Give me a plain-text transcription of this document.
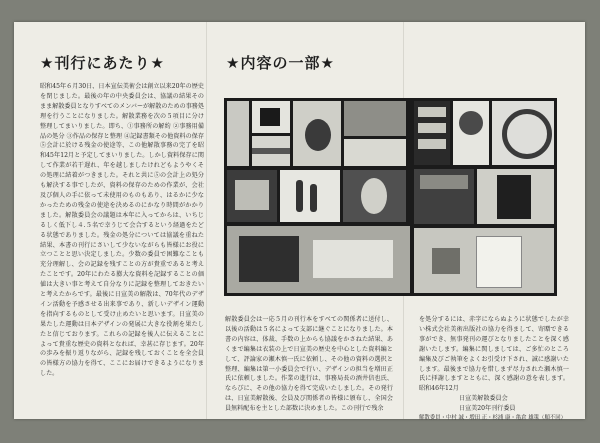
★刊行にあたり★
昭和45年６月30日、日本宣伝美術会は創立以来20年の歴史を閉じました。最後の年の中央委員会は、協議の結果そのまま解散委員となりすべてのメンバーが解散のための事務処理を行うことになりました。解散業務を次の５項目に分け整理してまいりました。即ち、①事務所の解約 ②事務用備品の処分 ③作品の保存と整理 ④記録書類その他資料の保存 ⑤会計に於ける残金の使途等、この他解散事務の完了を昭和45年12月と予定してまいりました。しかし資料保存に関して作業が若干遅れ、年を越しましたけれどもようやくその処理に結着がつきました。それと共に⑤の会計上の処分も解決する事でしたが、資料の保存のための作業が、会社及び個人の手に依って未使用のものもあり、はるかに少なかったための残金の使途を決めるのにかなり時間がかかりました。解散委員会の議題は本年に入ってからは、いちじるしく低下し４.５名で幸うじて会合するという経過をたどる状態でありました。残金の処分については協議を重ねた結果、本書の刊行にさいして少ないながらも皆様にお役に立つことと思い決定しました。少数の委員で困難なことも充分理解し、会の記録を残すことの方が貴重であると考えたことです。20年にわたる膨大な資料を記録することの価値は大きい事と考えて自分なりに記録を整理しておきたいと考えたからです。最後に日宣美の解散は、70年代のデザイン活動を予感させる出来事であり、新しいデザイン運動を指向するものとして受け止めたいと思います。日宣美の果たした運動は日本デザインの発展に大きな役割を果たしたと信じております。これらの記録を後人に伝えることによって貴重な歴史の資料となれば、幸甚に存じます。20年の歩みを振り返りながら、記録を残しておくことを全会員の皆様方の協力を得て、ここにお届けできるようになりました。
★内容の一部★
解散委員会は一応５月の刊行本をすべての関係者に送付し、以後の活動は５名によって支部に継ぐことになりました。本書の内容は、体裁、手数の上からも協議をかさねた結果、あくまで編集は衣装の上で日宣美の歴史を中心とした資料編として、評論家の瀬木慎一氏に依頼し、その他の資料の選択と整理、編集は第一小委員会で行い、デザインの担当を増田正氏に依頼しました。作業の進行は、事務局長の酒井信也氏、ならびに、その他の協力を得て完成いたしました。その発行は、日宣美解散後、会員及び関係者の皆様に頒布し、全国会員無料配布を主とした部数に決めました。この刊行で残余
を処分するには、赤字にならぬように状態でしたが幸い株式会社美術出版社の協力を得まして、寄贈できる事ができ、無事発刊の運びとなりましたことを深く感謝いたします。編集に関しましては、ご多忙のところ編集及びご執筆をよくお引受け下され、誠に感謝いたします。最後まで協力を惜しまず尽力された瀬木慎一氏に拝謝しますとともに、深く感謝の意を表します。昭和46年12月
日宣美解散委員会
日宣美20年刊行委員
解散委員・中村 誠・増田 正・杉浦 康・亀倉 雄策（順不同）
